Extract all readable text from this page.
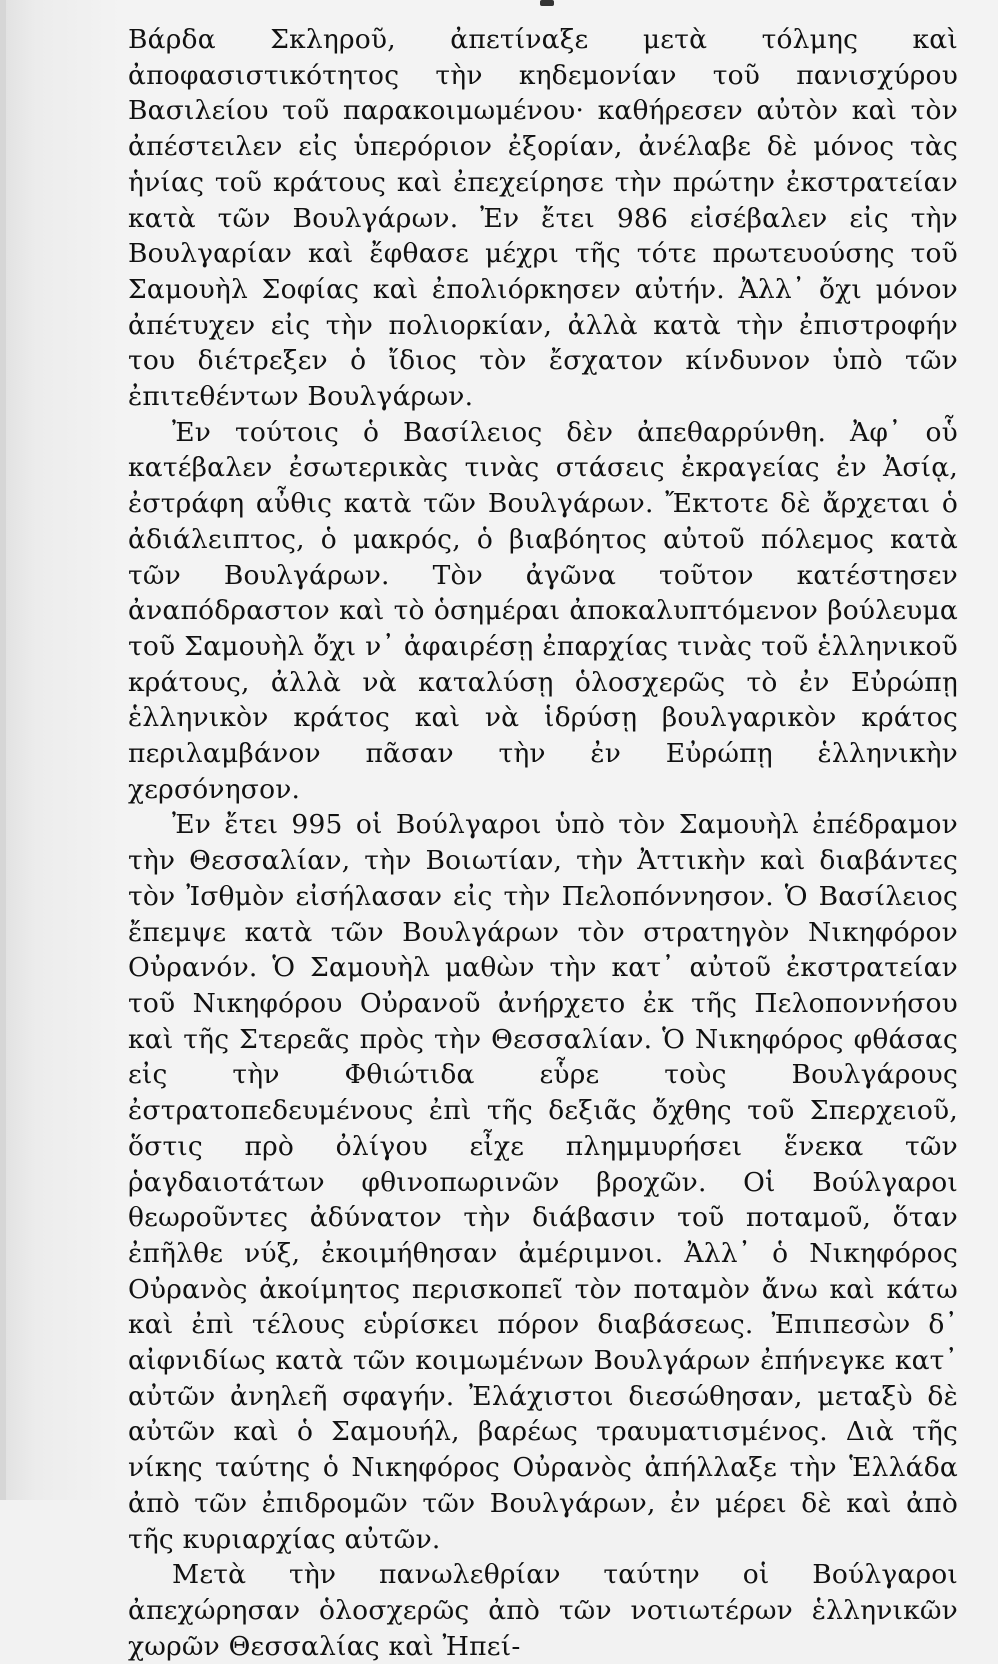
Βάρδα Σκληροῦ, ἀπετίναξε μετὰ τόλμης καὶ ἀποφασιστικότητος τὴν κηδεμονίαν τοῦ πανισχύρου Βασιλείου τοῦ παρακοιμωμένου· καθήρεσεν αὐτὸν καὶ τὸν ἀπέστειλεν εἰς ὑπερόριον ἐξορίαν, ἀνέλαβε δὲ μόνος τὰς ἡνίας τοῦ κράτους καὶ ἐπεχείρησε τὴν πρώτην ἐκστρατείαν κατὰ τῶν Βουλγάρων. Ἐν ἔτει 986 εἰσέβαλεν εἰς τὴν Βουλγαρίαν καὶ ἔφθασε μέχρι τῆς τότε πρωτευούσης τοῦ Σαμουὴλ Σοφίας καὶ ἐπολιόρκησεν αὐτήν. Ἀλλ᾽ ὄχι μόνον ἀπέτυχεν εἰς τὴν πολιορκίαν, ἀλλὰ κατὰ τὴν ἐπιστροφήν του διέτρεξεν ὁ ἴδιος τὸν ἔσχατον κίνδυνον ὑπὸ τῶν ἐπιτεθέντων Βουλγάρων.

Ἐν τούτοις ὁ Βασίλειος δὲν ἀπεθαρρύνθη. Ἀφ᾽ οὗ κατέβαλεν ἐσωτερικὰς τινὰς στάσεις ἐκραγείας ἐν Ἀσίᾳ, ἐστράφη αὖθις κατὰ τῶν Βουλγάρων. Ἔκτοτε δὲ ἄρχεται ὁ ἀδιάλειπτος, ὁ μακρός, ὁ βιαβόητος αὐτοῦ πόλεμος κατὰ τῶν Βουλγάρων. Τὸν ἀγῶνα τοῦτον κατέστησεν ἀναπόδραστον καὶ τὸ ὁσημέραι ἀποκαλυπτόμενον βούλευμα τοῦ Σαμουὴλ ὄχι ν᾽ ἀφαιρέσῃ ἐπαρχίας τινὰς τοῦ ἑλληνικοῦ κράτους, ἀλλὰ νὰ καταλύσῃ ὁλοσχερῶς τὸ ἐν Εὐρώπῃ ἑλληνικὸν κράτος καὶ νὰ ἱδρύσῃ βουλγαρικὸν κράτος περιλαμβάνον πᾶσαν τὴν ἐν Εὐρώπῃ ἑλληνικὴν χερσόνησον.

Ἐν ἔτει 995 οἱ Βούλγαροι ὑπὸ τὸν Σαμουὴλ ἐπέδραμον τὴν Θεσσαλίαν, τὴν Βοιωτίαν, τὴν Ἀττικὴν καὶ διαβάντες τὸν Ἰσθμὸν εἰσήλασαν εἰς τὴν Πελοπόννησον. Ὁ Βασίλειος ἔπεμψε κατὰ τῶν Βουλγάρων τὸν στρατηγὸν Νικηφόρον Οὐρανόν. Ὁ Σαμουὴλ μαθὼν τὴν κατ᾽ αὐτοῦ ἐκστρατείαν τοῦ Νικηφόρου Οὐρανοῦ ἀνήρχετο ἐκ τῆς Πελοποννήσου καὶ τῆς Στερεᾶς πρὸς τὴν Θεσσαλίαν. Ὁ Νικηφόρος φθάσας εἰς τὴν Φθιώτιδα εὗρε τοὺς Βουλγάρους ἐστρατοπεδευμένους ἐπὶ τῆς δεξιᾶς ὄχθης τοῦ Σπερχειοῦ, ὅστις πρὸ ὀλίγου εἶχε πλημμυρήσει ἕνεκα τῶν ῥαγδαιοτάτων φθινοπωρινῶν βροχῶν. Οἱ Βούλγαροι θεωροῦντες ἀδύνατον τὴν διάβασιν τοῦ ποταμοῦ, ὅταν ἐπῆλθε νύξ, ἐκοιμήθησαν ἀμέριμνοι. Ἀλλ᾽ ὁ Νικηφόρος Οὐρανὸς ἀκοίμητος περισκοπεῖ τὸν ποταμὸν ἄνω καὶ κάτω καὶ ἐπὶ τέλους εὑρίσκει πόρον διαβάσεως. Ἐπιπεσὼν δ᾽ αἰφνιδίως κατὰ τῶν κοιμωμένων Βουλγάρων ἐπήνεγκε κατ᾽ αὐτῶν ἀνηλεῆ σφαγήν. Ἐλάχιστοι διεσώθησαν, μεταξὺ δὲ αὐτῶν καὶ ὁ Σαμουήλ, βαρέως τραυματισμένος. Διὰ τῆς νίκης ταύτης ὁ Νικηφόρος Οὐρανὸς ἀπήλλαξε τὴν Ἑλλάδα ἀπὸ τῶν ἐπιδρομῶν τῶν Βουλγάρων, ἐν μέρει δὲ καὶ ἀπὸ τῆς κυριαρχίας αὐτῶν.

Μετὰ τὴν πανωλεθρίαν ταύτην οἱ Βούλγαροι ἀπεχώρησαν ὁλοσχερῶς ἀπὸ τῶν νοτιωτέρων ἑλληνικῶν χωρῶν Θεσσαλίας καὶ Ἠπεί-
